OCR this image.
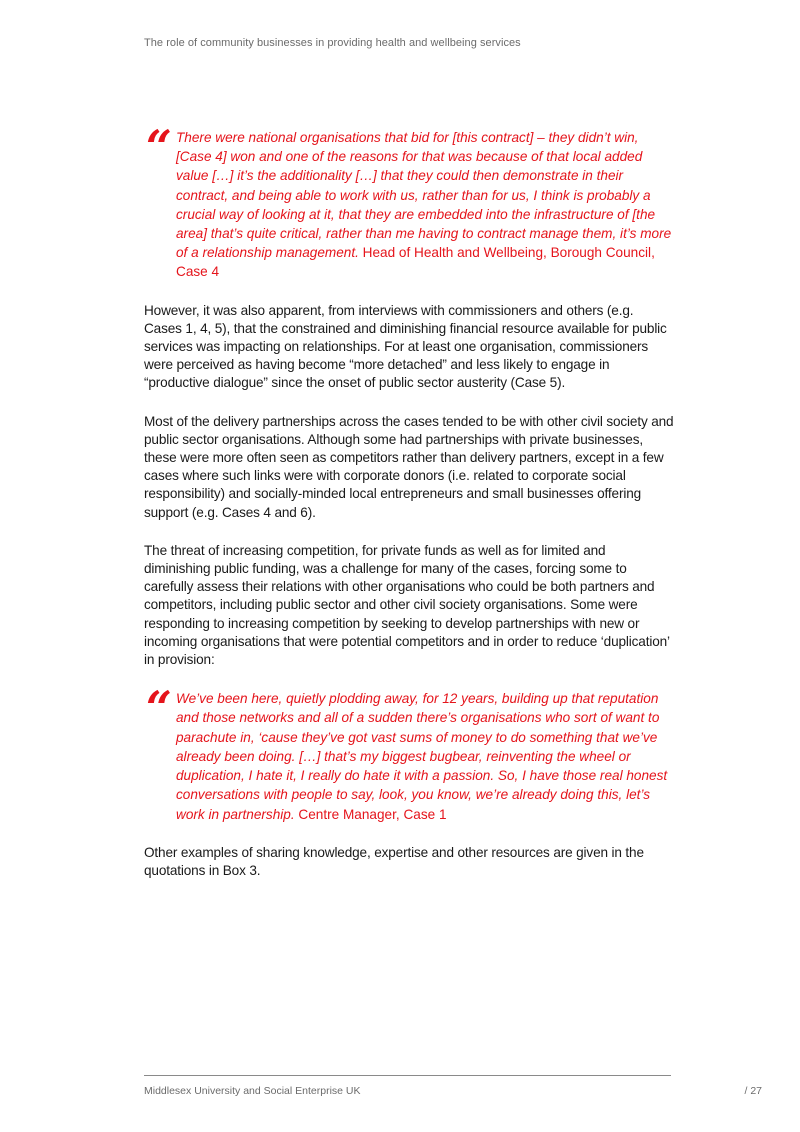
The role of community businesses in providing health and wellbeing services
“ There were national organisations that bid for [this contract] – they didn’t win, [Case 4] won and one of the reasons for that was because of that local added value […] it’s the additionality […] that they could then demonstrate in their contract, and being able to work with us, rather than for us, I think is probably a crucial way of looking at it, that they are embedded into the infrastructure of [the area] that’s quite critical, rather than me having to contract manage them, it’s more of a relationship management. Head of Health and Wellbeing, Borough Council, Case 4

However, it was also apparent, from interviews with commissioners and others (e.g. Cases 1, 4, 5), that the constrained and diminishing financial resource available for public services was impacting on relationships. For at least one organisation, commissioners were perceived as having become “more detached” and less likely to engage in “productive dialogue” since the onset of public sector austerity (Case 5).

Most of the delivery partnerships across the cases tended to be with other civil society and public sector organisations. Although some had partnerships with private businesses, these were more often seen as competitors rather than delivery partners, except in a few cases where such links were with corporate donors (i.e. related to corporate social responsibility) and socially-minded local entrepreneurs and small businesses offering support (e.g. Cases 4 and 6).

The threat of increasing competition, for private funds as well as for limited and diminishing public funding, was a challenge for many of the cases, forcing some to carefully assess their relations with other organisations who could be both partners and competitors, including public sector and other civil society organisations. Some were responding to increasing competition by seeking to develop partnerships with new or incoming organisations that were potential competitors and in order to reduce ‘duplication’ in provision:

“ We’ve been here, quietly plodding away, for 12 years, building up that reputation and those networks and all of a sudden there’s organisations who sort of want to parachute in, ‘cause they’ve got vast sums of money to do something that we’ve already been doing. […] that’s my biggest bugbear, reinventing the wheel or duplication, I hate it, I really do hate it with a passion. So, I have those real honest conversations with people to say, look, you know, we’re already doing this, let’s work in partnership. Centre Manager, Case 1

Other examples of sharing knowledge, expertise and other resources are given in the quotations in Box 3.

Middlesex University and Social Enterprise UK	/ 27
